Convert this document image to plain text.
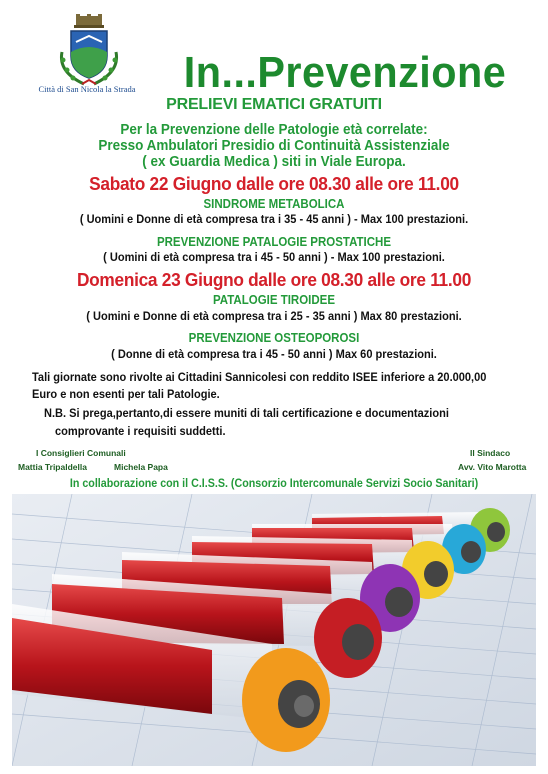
Città di San Nicola la Strada	In...Prevenzione
PRELIEVI EMATICI GRATUITI
Per la Prevenzione delle Patologie età correlate:
Presso Ambulatori Presidio di Continuità Assistenziale
( ex Guardia Medica ) siti in Viale Europa.
Sabato 22 Giugno dalle ore 08.30 alle ore 11.00
SINDROME METABOLICA
( Uomini e Donne di età compresa tra i 35 - 45 anni ) - Max 100 prestazioni.
PREVENZIONE PATALOGIE PROSTATICHE
( Uomini di età compresa tra i 45 - 50 anni ) - Max 100 prestazioni.
Domenica 23 Giugno dalle ore 08.30 alle ore 11.00
PATALOGIE TIROIDEE
( Uomini e Donne di età compresa tra i 25 - 35 anni ) Max 80 prestazioni.
PREVENZIONE OSTEOPOROSI
( Donne di età compresa tra i 45 - 50 anni ) Max 60 prestazioni.
Tali giornate sono rivolte ai Cittadini Sannicolesi con reddito ISEE inferiore a 20.000,00
Euro e non esenti per tali Patologie.
N.B. Si prega,pertanto,di essere muniti di tali certificazione e documentazioni
comprovante i requisiti suddetti.
I Consiglieri Comunali
Mattia Tripaldella	Michela Papa
Il Sindaco
Avv. Vito Marotta
In collaborazione con il C.I.S.S. (Consorzio Intercomunale Servizi Socio Sanitari)
